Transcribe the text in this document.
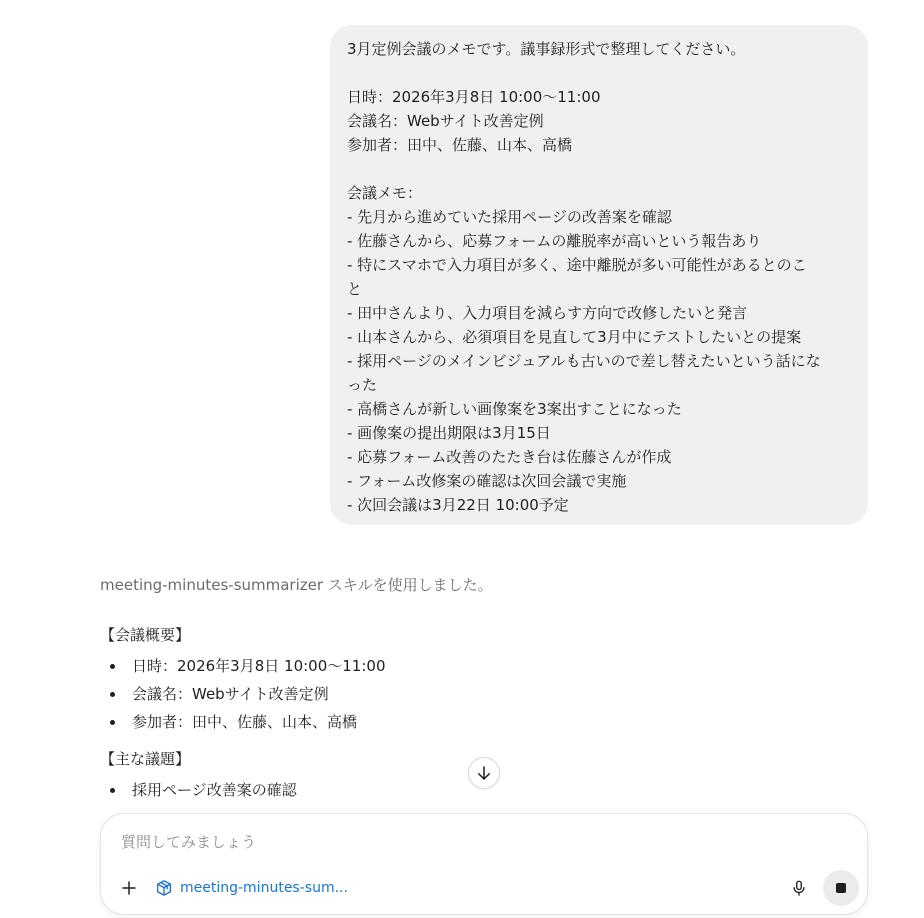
3月定例会議のメモです。議事録形式で整理してください。
日時：2026年3月8日 10:00〜11:00
会議名：Webサイト改善定例
参加者：田中、佐藤、山本、高橋
会議メモ：
- 先月から進めていた採用ページの改善案を確認
- 佐藤さんから、応募フォームの離脱率が高いという報告あり
- 特にスマホで入力項目が多く、途中離脱が多い可能性があるとのこ
と
- 田中さんより、入力項目を減らす方向で改修したいと発言
- 山本さんから、必須項目を見直して3月中にテストしたいとの提案
- 採用ページのメインビジュアルも古いので差し替えたいという話にな
った
- 高橋さんが新しい画像案を3案出すことになった
- 画像案の提出期限は3月15日
- 応募フォーム改善のたたき台は佐藤さんが作成
- フォーム改修案の確認は次回会議で実施
- 次回会議は3月22日 10:00予定
meeting-minutes-summarizer スキルを使用しました。
【会議概要】
日時：2026年3月8日 10:00〜11:00
会議名：Webサイト改善定例
参加者：田中、佐藤、山本、高橋
【主な議題】
採用ページ改善案の確認
質問してみましょう
meeting-minutes-sum...
